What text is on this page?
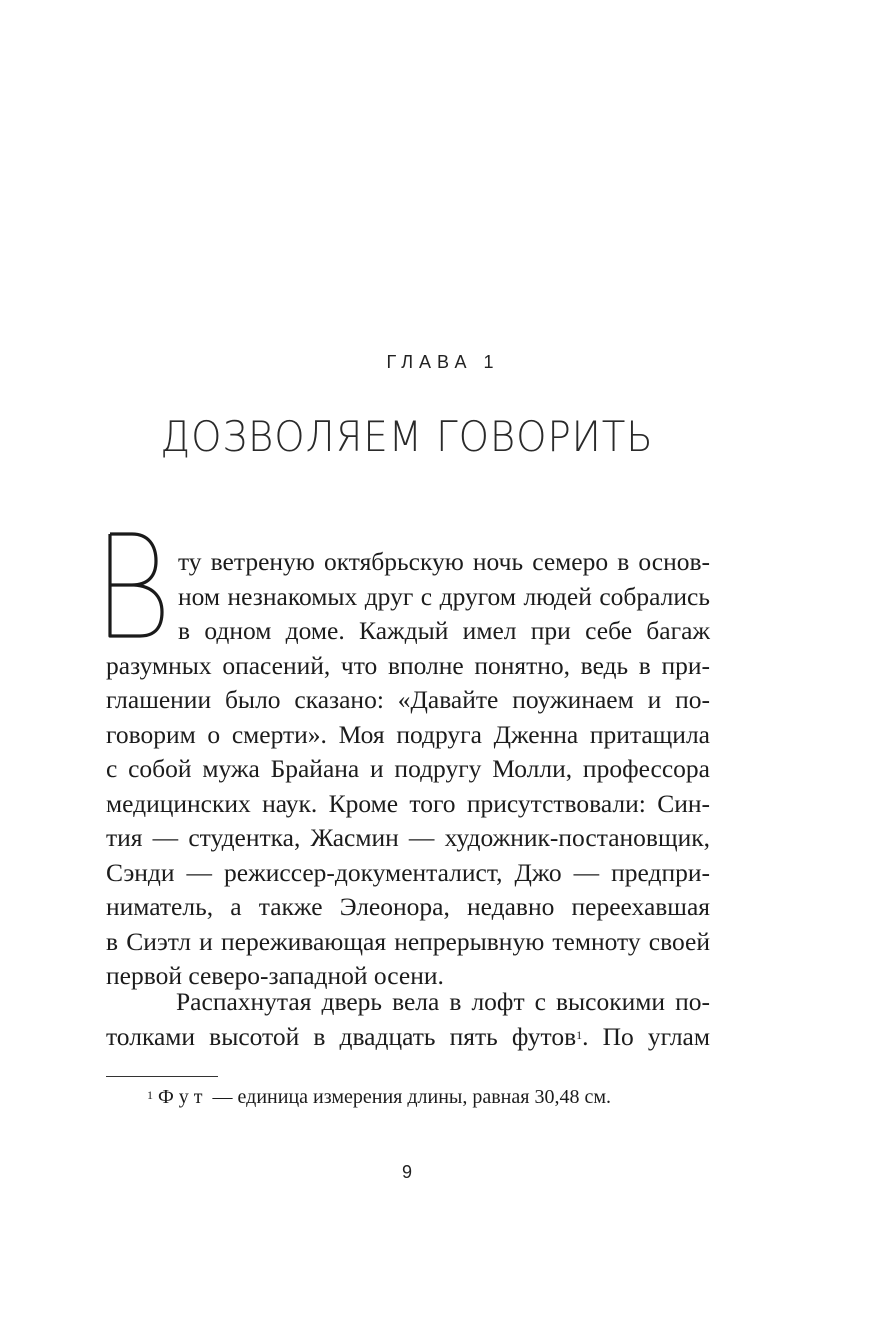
ГЛАВА 1
ДОЗВОЛЯЕМ ГОВОРИТЬ
ту ветреную октябрьскую ночь семеро в основ-
ном незнакомых друг с другом людей собрались
в одном доме. Каждый имел при себе багаж
разумных опасений, что вполне понятно, ведь в при-
глашении было сказано: «Давайте поужинаем и по-
говорим о смерти». Моя подруга Дженна притащила
с собой мужа Брайана и подругу Молли, профессора
медицинских наук. Кроме того присутствовали: Син-
тия — студентка, Жасмин — художник-постановщик,
Сэнди — режиссер-документалист, Джо — предпри-
ниматель, а также Элеонора, недавно переехавшая
в Сиэтл и переживающая непрерывную темноту своей
первой северо-западной осени.
Распахнутая дверь вела в лофт с высокими по-
толками высотой в двадцать пять футов$^1$. По углам
$^1$ Фут — единица измерения длины, равная 30,48 см.
9
